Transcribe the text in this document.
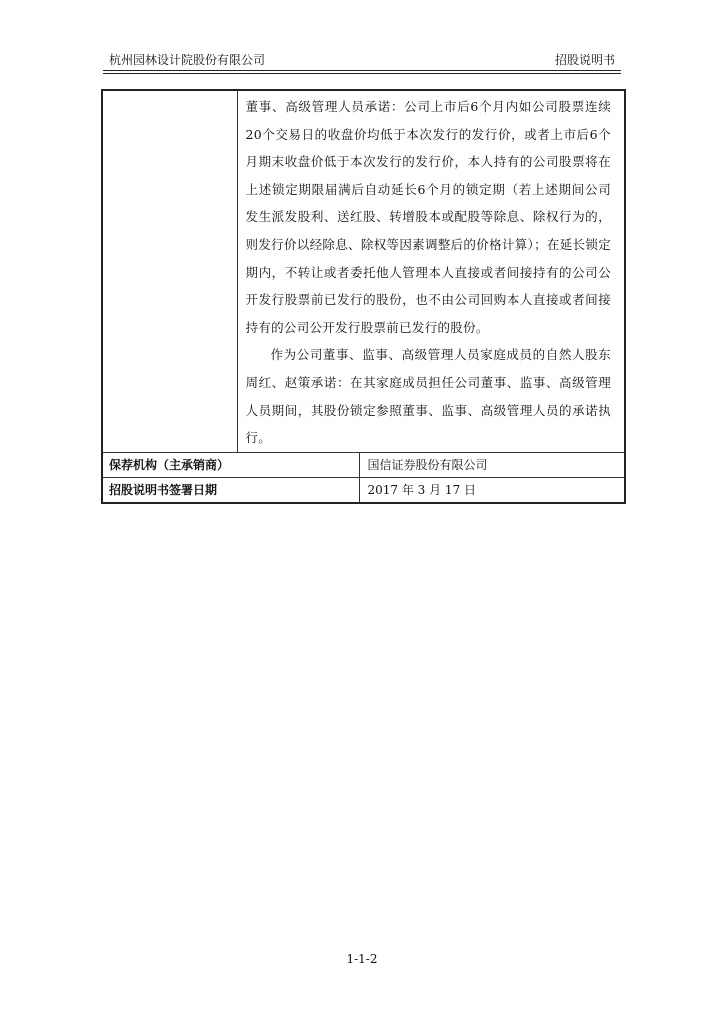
杭州园林设计院股份有限公司	招股说明书

	董事、高级管理人员承诺：公司上市后6个月内如公司股票连续20个交易日的收盘价均低于本次发行的发行价，或者上市后6个月期末收盘价低于本次发行的发行价，本人持有的公司股票将在上述锁定期限届满后自动延长6个月的锁定期（若上述期间公司发生派发股利、送红股、转增股本或配股等除息、除权行为的，则发行价以经除息、除权等因素调整后的价格计算）；在延长锁定期内，不转让或者委托他人管理本人直接或者间接持有的公司公开发行股票前已发行的股份，也不由公司回购本人直接或者间接持有的公司公开发行股票前已发行的股份。

作为公司董事、监事、高级管理人员家庭成员的自然人股东周红、赵策承诺：在其家庭成员担任公司董事、监事、高级管理人员期间，其股份锁定参照董事、监事、高级管理人员的承诺执行。	

保荐机构（主承销商）		国信证券股份有限公司
招股说明书签署日期		2017 年 3 月 17 日
1-1-2
